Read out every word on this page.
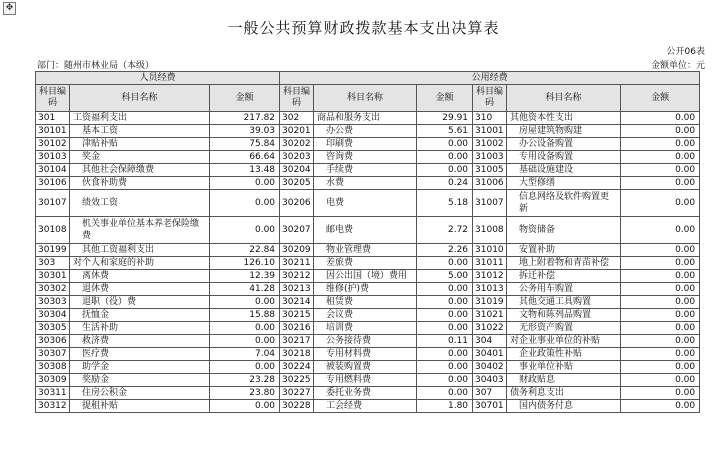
✥
一般公共预算财政拨款基本支出决算表
公开06表
部门：随州市林业局（本级）	金额单位：元
人员经费			公用经费					
科目编码	科目名称	金额	科目编码	科目名称	金额	科目编码	科目名称	金额
301	工资福利支出	217.82	302	商品和服务支出	29.91	310	其他资本性支出	0.00
30101	基本工资	39.03	30201	办公费	5.61	31001	房屋建筑物购建	0.00
30102	津贴补贴	75.84	30202	印刷费	0.00	31002	办公设备购置	0.00
30103	奖金	66.64	30203	咨询费	0.00	31003	专用设备购置	0.00
30104	其他社会保障缴费	13.48	30204	手续费	0.00	31005	基础设施建设	0.00
30106	伙食补助费	0.00	30205	水费	0.24	31006	大型修缮	0.00
30107	绩效工资	0.00	30206	电费	5.18	31007	信息网络及软件购置更新	0.00
30108	机关事业单位基本养老保险缴费	0.00	30207	邮电费	2.72	31008	物资储备	0.00
30199	其他工资福利支出	22.84	30209	物业管理费	2.26	31010	安置补助	0.00
303	对个人和家庭的补助	126.10	30211	差旅费	0.00	31011	地上附着物和青苗补偿	0.00
30301	离休费	12.39	30212	因公出国（境）费用	5.00	31012	拆迁补偿	0.00
30302	退休费	41.28	30213	维修(护)费	0.00	31013	公务用车购置	0.00
30303	退职（役）费	0.00	30214	租赁费	0.00	31019	其他交通工具购置	0.00
30304	抚恤金	15.88	30215	会议费	0.00	31021	文物和陈列品购置	0.00
30305	生活补助	0.00	30216	培训费	0.00	31022	无形资产购置	0.00
30306	救济费	0.00	30217	公务接待费	0.11	304	对企业事业单位的补贴	0.00
30307	医疗费	7.04	30218	专用材料费	0.00	30401	企业政策性补贴	0.00
30308	助学金	0.00	30224	被装购置费	0.00	30402	事业单位补贴	0.00
30309	奖励金	23.28	30225	专用燃料费	0.00	30403	财政贴息	0.00
30311	住房公积金	23.80	30227	委托业务费	0.00	307	债务利息支出	0.00
30312	提租补贴	0.00	30228	工会经费	1.80	30701	国内债务付息	0.00
